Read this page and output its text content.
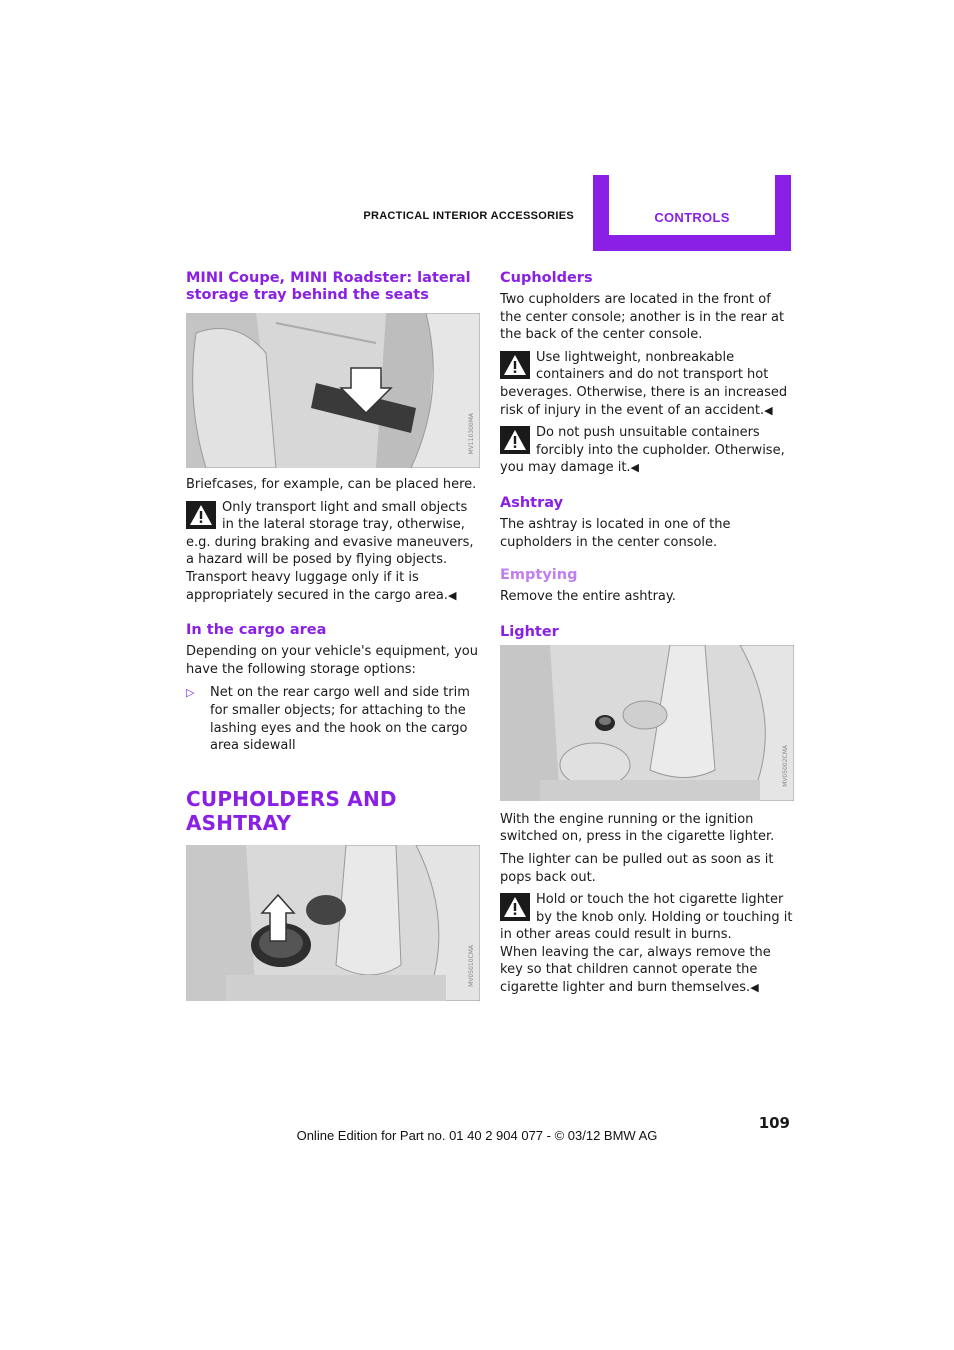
PRACTICAL INTERIOR ACCESSORIES	CONTROLS
MINI Coupe, MINI Roadster: lateral storage tray behind the seats
MV110300MA

Briefcases, for example, can be placed here.

Only transport light and small objects in the lateral storage tray, otherwise, e.g. during braking and evasive maneuvers, a hazard will be posed by flying objects. Transport heavy luggage only if it is appropriately secured in the cargo area.◀
In the cargo area

Depending on your vehicle's equipment, you have the following storage options:

▷	Net on the rear cargo well and side trim for smaller objects; for attaching to the lashing eyes and the hook on the cargo area sidewall
CUPHOLDERS AND ASHTRAY
MV05010CMA
Cupholders

Two cupholders are located in the front of the center console; another is in the rear at the back of the center console.

Use lightweight, nonbreakable containers and do not transport hot beverages. Otherwise, there is an increased risk of injury in the event of an accident.◀
Do not push unsuitable containers forcibly into the cupholder. Otherwise, you may damage it.◀
Ashtray

The ashtray is located in one of the cupholders in the center console.

Emptying

Remove the entire ashtray.

Lighter
MV05002CMA

With the engine running or the ignition switched on, press in the cigarette lighter.

The lighter can be pulled out as soon as it pops back out.

Hold or touch the hot cigarette lighter by the knob only. Holding or touching it in other areas could result in burns.
When leaving the car, always remove the key so that children cannot operate the cigarette lighter and burn themselves.◀
109
Online Edition for Part no. 01 40 2 904 077 - © 03/12 BMW AG
